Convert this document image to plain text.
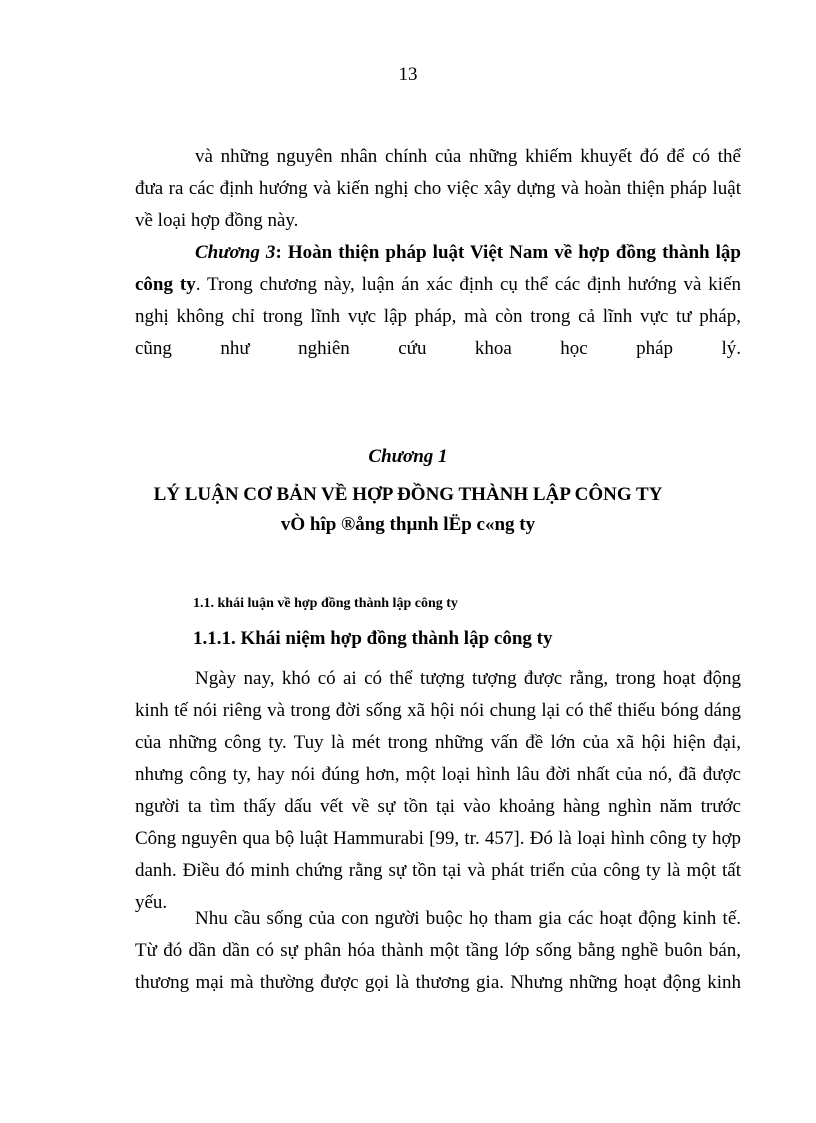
13
và những nguyên nhân chính của những khiếm khuyết đó để có thể
đưa ra các định hướng và kiến nghị cho việc xây dựng và hoàn thiện pháp luật
về loại hợp đồng này.
Chương 3: Hoàn thiện pháp luật Việt Nam về hợp đồng thành lập
công ty. Trong chương này, luận án xác định cụ thể các định hướng và kiến
nghị không chỉ trong lĩnh vực lập pháp, mà còn trong cả lĩnh vực tư pháp,
cũng như nghiên cứu khoa học pháp lý.
Chương 1
LÝ LUẬN CƠ BẢN VỀ HỢP ĐỒNG THÀNH LẬP CÔNG TY
vÒ hîp ®ång thµnh lËp c«ng ty
1.1. khái luận về hợp đồng thành lập công ty
1.1.1. Khái niệm hợp đồng thành lập công ty
Ngày nay, khó có ai có thể tượng tượng được rằng, trong hoạt động
kinh tế nói riêng và trong đời sống xã hội nói chung lại có thể thiếu bóng dáng
của những công ty. Tuy là mét trong những vấn đề lớn của xã hội hiện đại,
nhưng công ty, hay nói đúng hơn, một loại hình lâu đời nhất của nó, đã được
người ta tìm thấy dấu vết về sự tồn tại vào khoảng hàng nghìn năm trước
Công nguyên qua bộ luật Hammurabi [99, tr. 457]. Đó là loại hình công ty hợp
danh. Điều đó minh chứng rằng sự tồn tại và phát triển của công ty là một tất
yếu.
Nhu cầu sống của con người buộc họ tham gia các hoạt động kinh tế.
Từ đó dần dần có sự phân hóa thành một tầng lớp sống bằng nghề buôn bán,
thương mại mà thường được gọi là thương gia. Nhưng những hoạt động kinh
